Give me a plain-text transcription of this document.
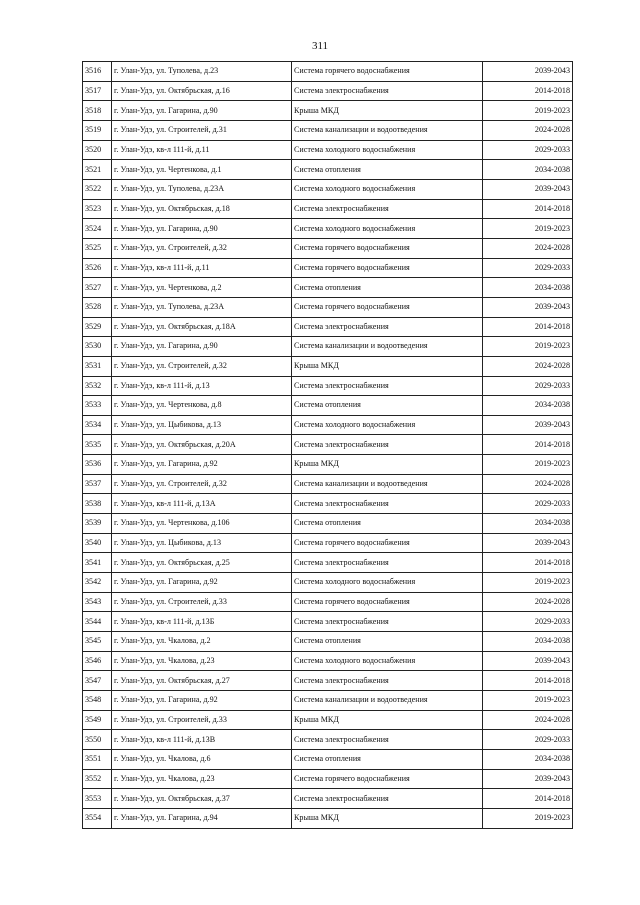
311
3516	г. Улан-Удэ, ул. Туполева, д.23	Система горячего водоснабжения	2039-2043
3517	г. Улан-Удэ, ул. Октябрьская, д.16	Система электроснабжения	2014-2018
3518	г. Улан-Удэ, ул. Гагарина, д.90	Крыша МКД	2019-2023
3519	г. Улан-Удэ, ул. Строителей, д.31	Система канализации и водоотведения	2024-2028
3520	г. Улан-Удэ, кв-л 111-й, д.11	Система холодного водоснабжения	2029-2033
3521	г. Улан-Удэ, ул. Чертенкова, д.1	Система отопления	2034-2038
3522	г. Улан-Удэ, ул. Туполева, д.23А	Система холодного водоснабжения	2039-2043
3523	г. Улан-Удэ, ул. Октябрьская, д.18	Система электроснабжения	2014-2018
3524	г. Улан-Удэ, ул. Гагарина, д.90	Система холодного водоснабжения	2019-2023
3525	г. Улан-Удэ, ул. Строителей, д.32	Система горячего водоснабжения	2024-2028
3526	г. Улан-Удэ, кв-л 111-й, д.11	Система горячего водоснабжения	2029-2033
3527	г. Улан-Удэ, ул. Чертенкова, д.2	Система отопления	2034-2038
3528	г. Улан-Удэ, ул. Туполева, д.23А	Система горячего водоснабжения	2039-2043
3529	г. Улан-Удэ, ул. Октябрьская, д.18А	Система электроснабжения	2014-2018
3530	г. Улан-Удэ, ул. Гагарина, д.90	Система канализации и водоотведения	2019-2023
3531	г. Улан-Удэ, ул. Строителей, д.32	Крыша МКД	2024-2028
3532	г. Улан-Удэ, кв-л 111-й, д.13	Система электроснабжения	2029-2033
3533	г. Улан-Удэ, ул. Чертенкова, д.8	Система отопления	2034-2038
3534	г. Улан-Удэ, ул. Цыбикова, д.13	Система холодного водоснабжения	2039-2043
3535	г. Улан-Удэ, ул. Октябрьская, д.20А	Система электроснабжения	2014-2018
3536	г. Улан-Удэ, ул. Гагарина, д.92	Крыша МКД	2019-2023
3537	г. Улан-Удэ, ул. Строителей, д.32	Система канализации и водоотведения	2024-2028
3538	г. Улан-Удэ, кв-л 111-й, д.13А	Система электроснабжения	2029-2033
3539	г. Улан-Удэ, ул. Чертенкова, д.106	Система отопления	2034-2038
3540	г. Улан-Удэ, ул. Цыбикова, д.13	Система горячего водоснабжения	2039-2043
3541	г. Улан-Удэ, ул. Октябрьская, д.25	Система электроснабжения	2014-2018
3542	г. Улан-Удэ, ул. Гагарина, д.92	Система холодного водоснабжения	2019-2023
3543	г. Улан-Удэ, ул. Строителей, д.33	Система горячего водоснабжения	2024-2028
3544	г. Улан-Удэ, кв-л 111-й, д.13Б	Система электроснабжения	2029-2033
3545	г. Улан-Удэ, ул. Чкалова, д.2	Система отопления	2034-2038
3546	г. Улан-Удэ, ул. Чкалова, д.23	Система холодного водоснабжения	2039-2043
3547	г. Улан-Удэ, ул. Октябрьская, д.27	Система электроснабжения	2014-2018
3548	г. Улан-Удэ, ул. Гагарина, д.92	Система канализации и водоотведения	2019-2023
3549	г. Улан-Удэ, ул. Строителей, д.33	Крыша МКД	2024-2028
3550	г. Улан-Удэ, кв-л 111-й, д.13В	Система электроснабжения	2029-2033
3551	г. Улан-Удэ, ул. Чкалова, д.6	Система отопления	2034-2038
3552	г. Улан-Удэ, ул. Чкалова, д.23	Система горячего водоснабжения	2039-2043
3553	г. Улан-Удэ, ул. Октябрьская, д.37	Система электроснабжения	2014-2018
3554	г. Улан-Удэ, ул. Гагарина, д.94	Крыша МКД	2019-2023
